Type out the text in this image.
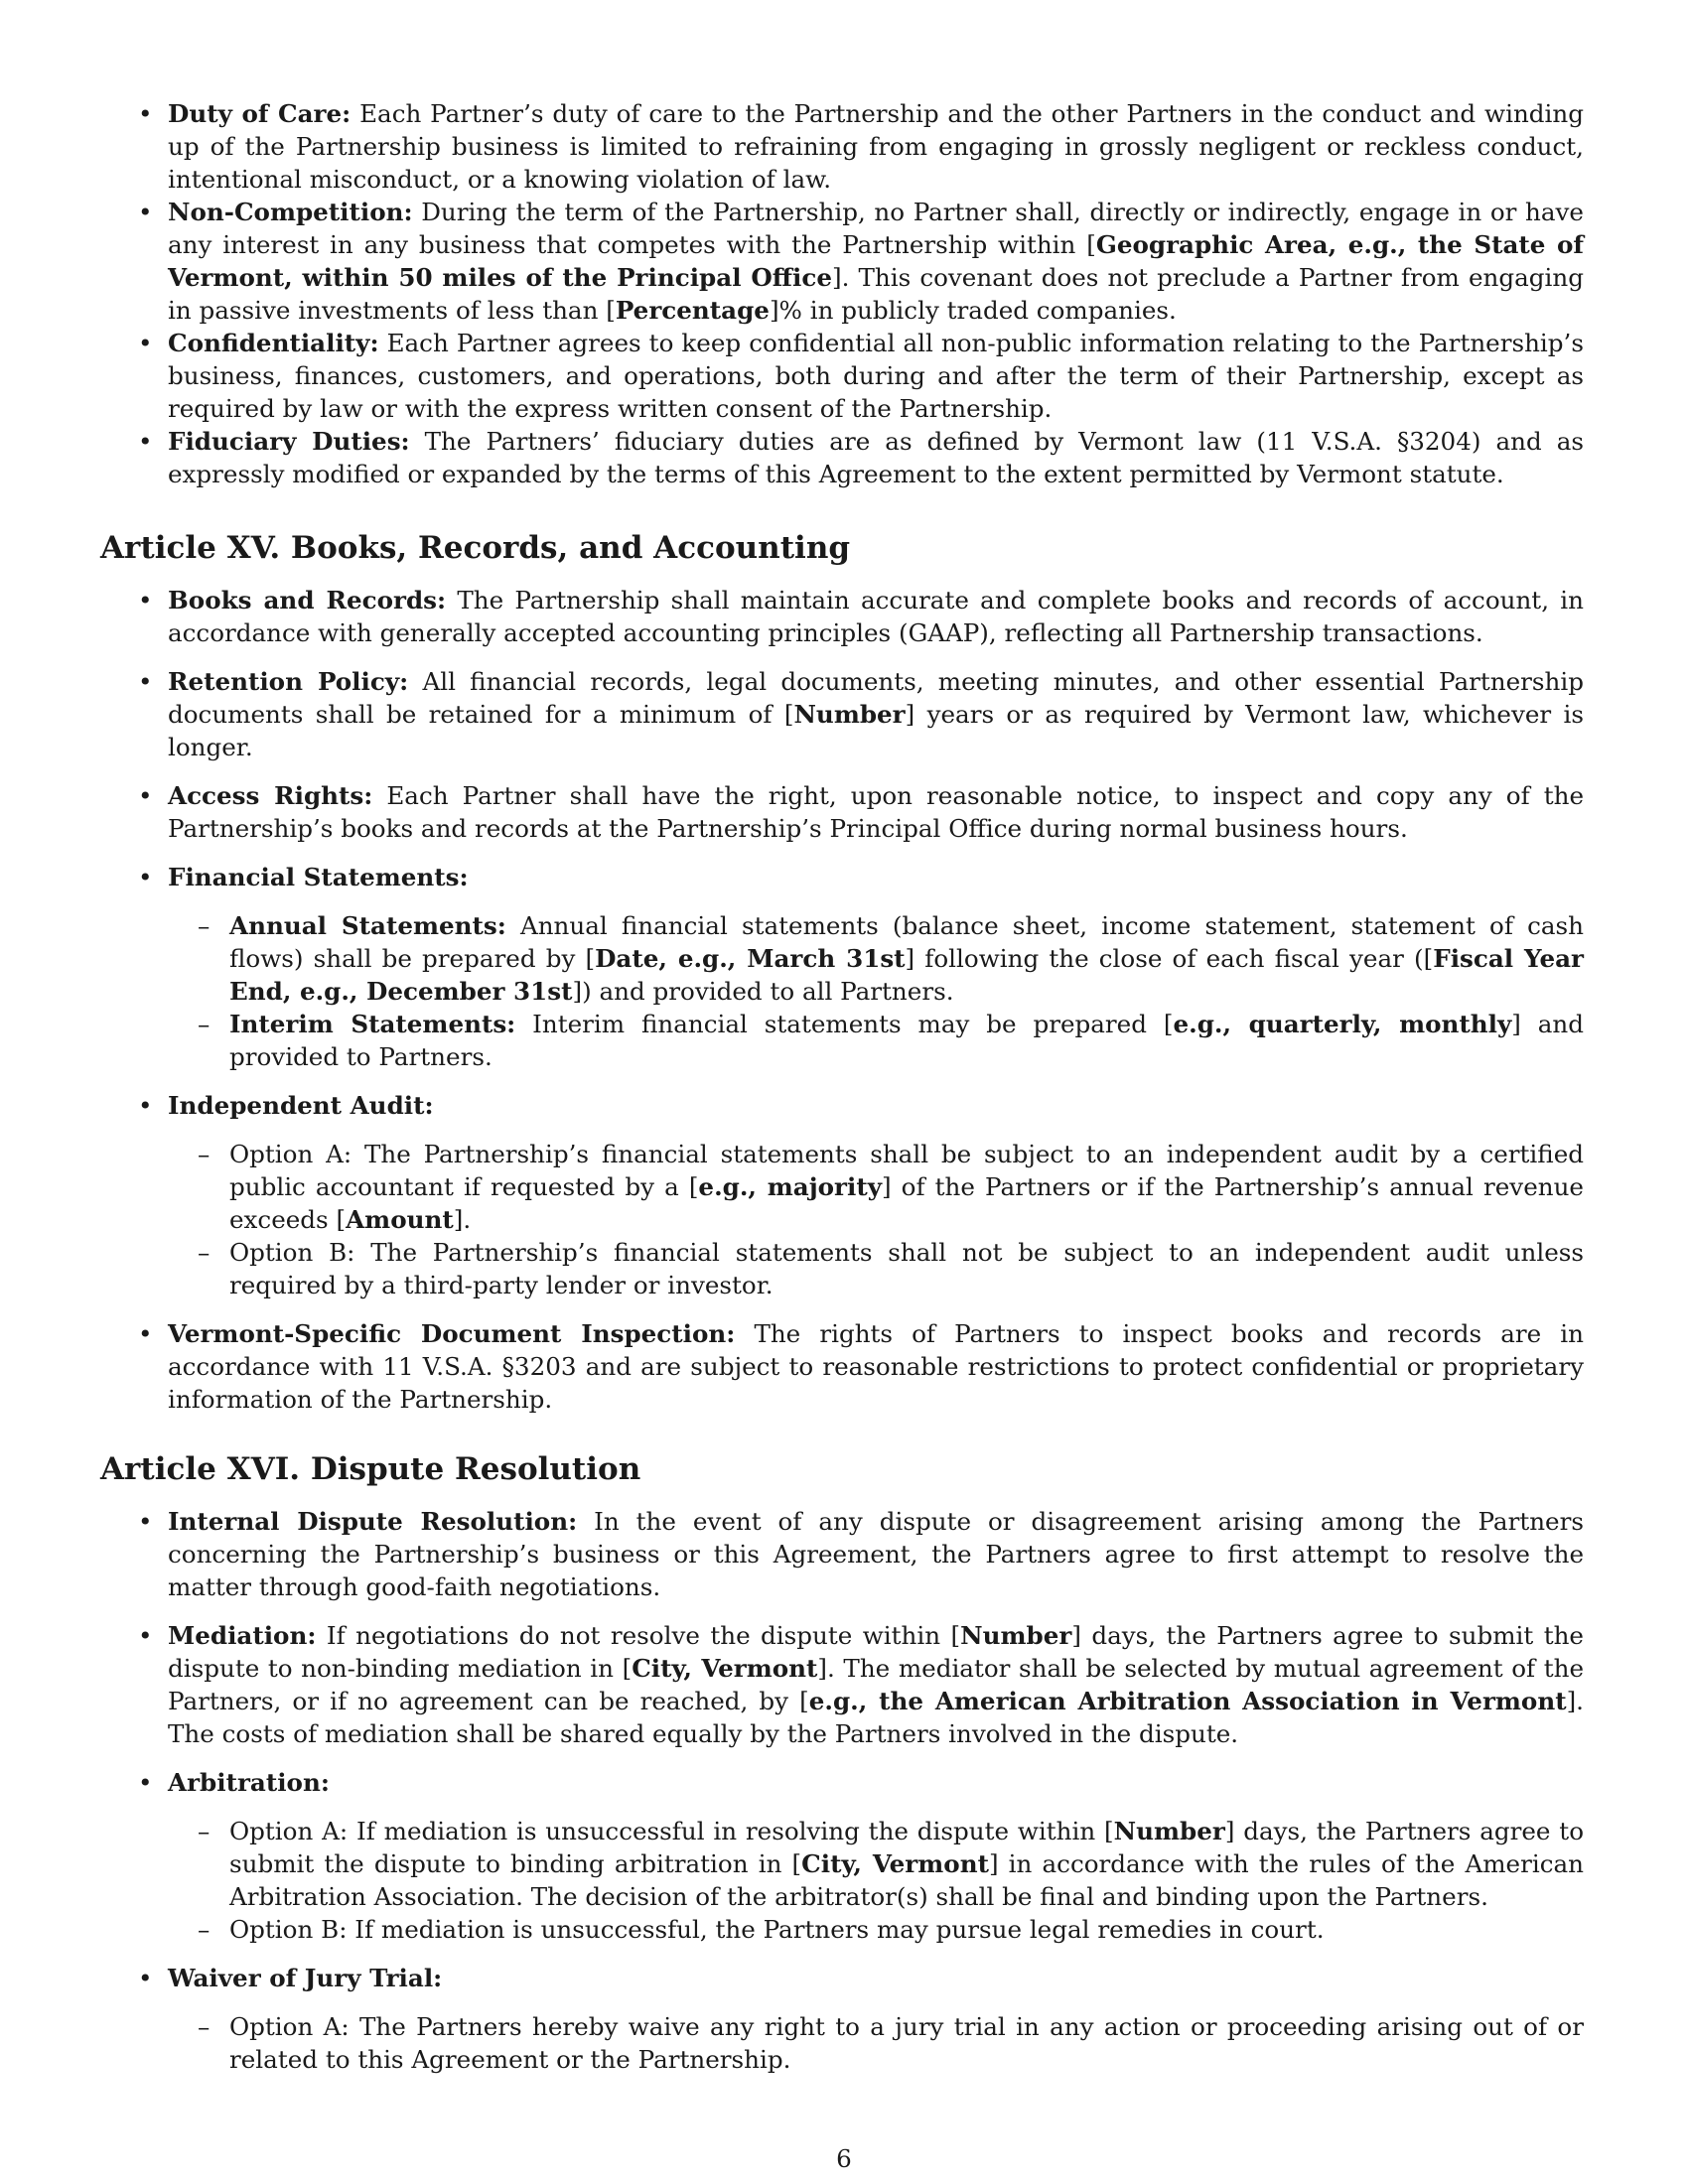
• Duty of Care: Each Partner’s duty of care to the Partnership and the other Partners in the conduct and winding up of the Partnership business is limited to refraining from engaging in grossly negligent or reckless conduct, intentional misconduct, or a knowing violation of law.
• Non-Competition: During the term of the Partnership, no Partner shall, directly or indirectly, engage in or have any interest in any business that competes with the Partnership within [Geographic Area, e.g., the State of Vermont, within 50 miles of the Principal Office]. This covenant does not preclude a Partner from engaging in passive investments of less than [Percentage]% in publicly traded companies.
• Confidentiality: Each Partner agrees to keep confidential all non-public information relating to the Partnership’s business, finances, customers, and operations, both during and after the term of their Partnership, except as required by law or with the express written consent of the Partnership.
• Fiduciary Duties: The Partners’ fiduciary duties are as defined by Vermont law (11 V.S.A. §3204) and as expressly modified or expanded by the terms of this Agreement to the extent permitted by Vermont statute.
Article XV. Books, Records, and Accounting
• Books and Records: The Partnership shall maintain accurate and complete books and records of account, in accordance with generally accepted accounting principles (GAAP), reflecting all Partnership transactions.
• Retention Policy: All financial records, legal documents, meeting minutes, and other essential Partnership documents shall be retained for a minimum of [Number] years or as required by Vermont law, whichever is longer.
• Access Rights: Each Partner shall have the right, upon reasonable notice, to inspect and copy any of the Partnership’s books and records at the Partnership’s Principal Office during normal business hours.
• Financial Statements:
– Annual Statements: Annual financial statements (balance sheet, income statement, statement of cash flows) shall be prepared by [Date, e.g., March 31st] following the close of each fiscal year ([Fiscal Year End, e.g., December 31st]) and provided to all Partners.
– Interim Statements: Interim financial statements may be prepared [e.g., quarterly, monthly] and provided to Partners.
• Independent Audit:
– Option A: The Partnership’s financial statements shall be subject to an independent audit by a certified public accountant if requested by a [e.g., majority] of the Partners or if the Partnership’s annual revenue exceeds [Amount].
– Option B: The Partnership’s financial statements shall not be subject to an independent audit unless required by a third-party lender or investor.
• Vermont-Specific Document Inspection: The rights of Partners to inspect books and records are in accordance with 11 V.S.A. §3203 and are subject to reasonable restrictions to protect confidential or proprietary information of the Partnership.
Article XVI. Dispute Resolution
• Internal Dispute Resolution: In the event of any dispute or disagreement arising among the Partners concerning the Partnership’s business or this Agreement, the Partners agree to first attempt to resolve the matter through good-faith negotiations.
• Mediation: If negotiations do not resolve the dispute within [Number] days, the Partners agree to submit the dispute to non-binding mediation in [City, Vermont]. The mediator shall be selected by mutual agreement of the Partners, or if no agreement can be reached, by [e.g., the American Arbitration Association in Vermont]. The costs of mediation shall be shared equally by the Partners involved in the dispute.
• Arbitration:
– Option A: If mediation is unsuccessful in resolving the dispute within [Number] days, the Partners agree to submit the dispute to binding arbitration in [City, Vermont] in accordance with the rules of the American Arbitration Association. The decision of the arbitrator(s) shall be final and binding upon the Partners.
– Option B: If mediation is unsuccessful, the Partners may pursue legal remedies in court.
• Waiver of Jury Trial:
– Option A: The Partners hereby waive any right to a jury trial in any action or proceeding arising out of or related to this Agreement or the Partnership.
6
